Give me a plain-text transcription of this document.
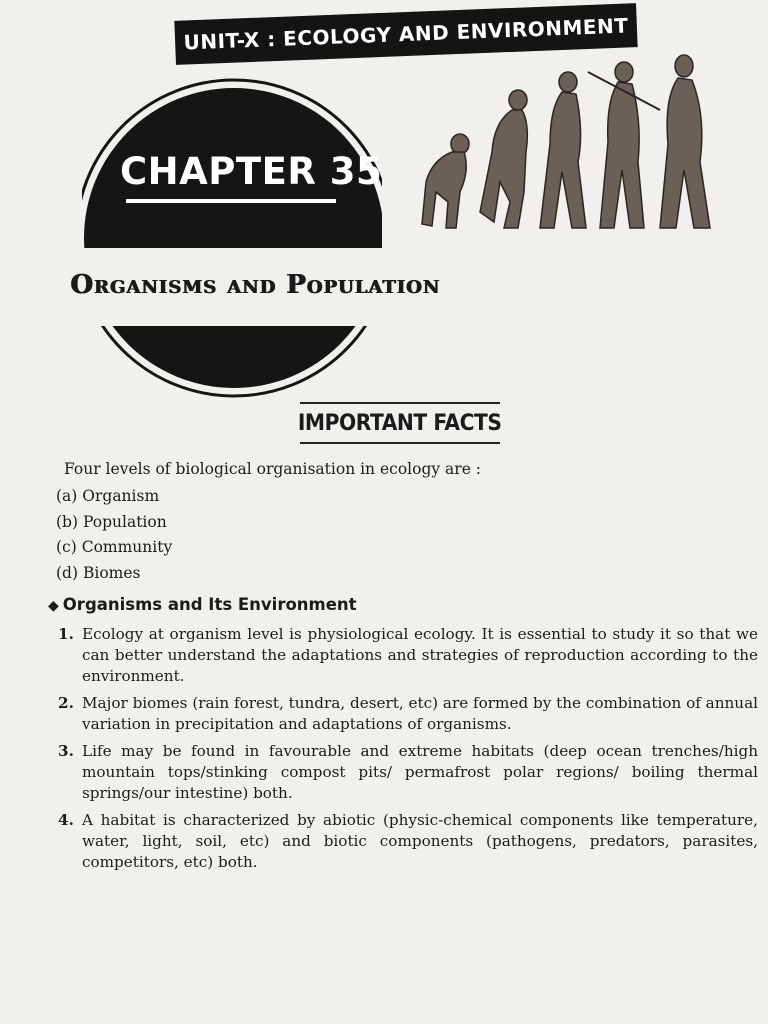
UNIT-X : ECOLOGY AND ENVIRONMENT
CHAPTER 35
Organisms and Population
IMPORTANT FACTS
Four levels of biological organisation in ecology are :
(a) Organism
(b) Population
(c) Community
(d) Biomes
◆ Organisms and Its Environment
1. Ecology at organism level is physiological ecology. It is essential to study it so that we can better understand the adaptations and strategies of reproduction according to the environment.
2. Major biomes (rain forest, tundra, desert, etc) are formed by the combination of annual variation in precipitation and adaptations of organisms.
3. Life may be found in favourable and extreme habitats (deep ocean trenches/high mountain tops/stinking compost pits/ permafrost polar regions/ boiling thermal springs/our intestine) both.
4. A habitat is characterized by abiotic (physic-chemical components like temperature, water, light, soil, etc) and biotic components (pathogens, predators, parasites, competitors, etc) both.
